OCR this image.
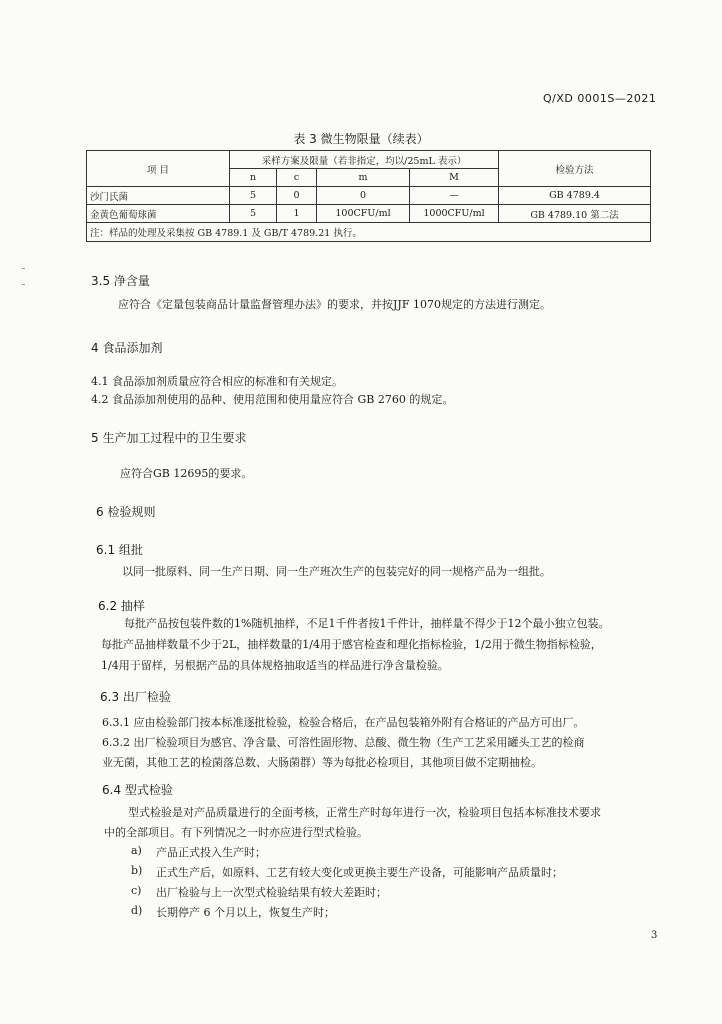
Q/XD 0001S—2021
表 3 微生物限量（续表）
项 目	采样方案及限量（若非指定，均以/25mL 表示）				检验方法
	n	c	m	M	
沙门氏菌	5	0	0	—	GB 4789.4
金黄色葡萄球菌	5	1	100CFU/ml	1000CFU/ml	GB 4789.10 第二法
注：样品的处理及采集按 GB 4789.1 及 GB/T 4789.21 执行。					
3.5 净含量
应符合《定量包装商品计量监督管理办法》的要求，并按JJF 1070规定的方法进行测定。
4 食品添加剂
4.1 食品添加剂质量应符合相应的标准和有关规定。
4.2 食品添加剂使用的品种、使用范围和使用量应符合 GB 2760 的规定。
5 生产加工过程中的卫生要求
应符合GB 12695的要求。
6 检验规则
6.1 组批
以同一批原料、同一生产日期、同一生产班次生产的包装完好的同一规格产品为一组批。
6.2 抽样
每批产品按包装件数的1%随机抽样，不足1千件者按1千件计，抽样量不得少于12个最小独立包装。
每批产品抽样数量不少于2L，抽样数量的1/4用于感官检查和理化指标检验，1/2用于微生物指标检验，
1/4用于留样，另根据产品的具体规格抽取适当的样品进行净含量检验。
6.3 出厂检验
6.3.1 应由检验部门按本标准逐批检验，检验合格后，在产品包装箱外附有合格证的产品方可出厂。
6.3.2 出厂检验项目为感官、净含量、可溶性固形物、总酸、微生物（生产工艺采用罐头工艺的检商
业无菌，其他工艺的检菌落总数、大肠菌群）等为每批必检项目，其他项目做不定期抽检。
6.4 型式检验
型式检验是对产品质量进行的全面考核，正常生产时每年进行一次，检验项目包括本标准技术要求
中的全部项目。有下列情况之一时亦应进行型式检验。
a) 产品正式投入生产时；
b) 正式生产后，如原料、工艺有较大变化或更换主要生产设备，可能影响产品质量时；
c) 出厂检验与上一次型式检验结果有较大差距时；
d) 长期停产 6 个月以上，恢复生产时；
3
